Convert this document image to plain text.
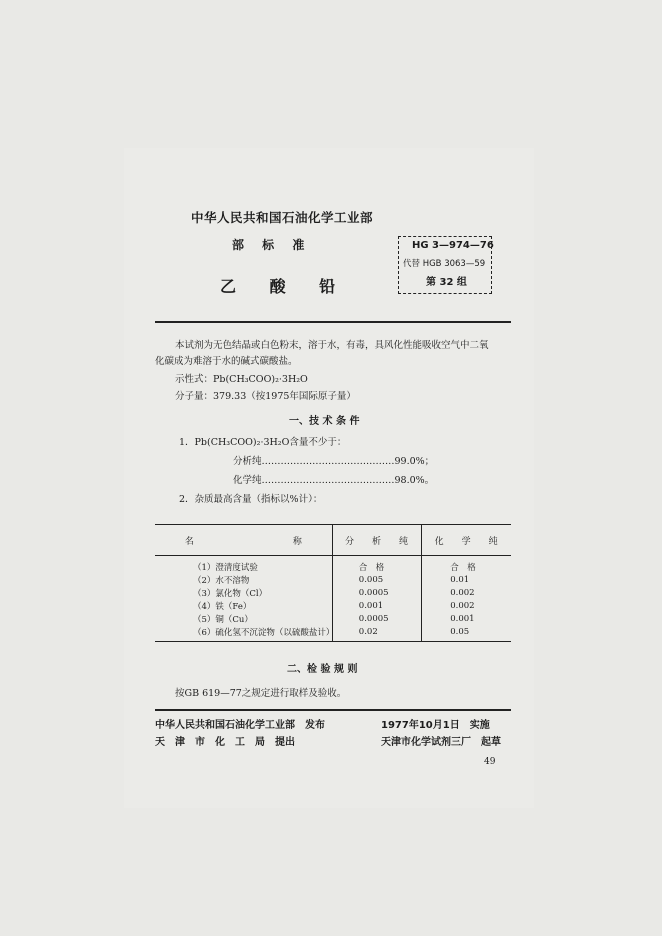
中华人民共和国石油化学工业部
部 标 准
乙 酸 铅
HG 3—974—76
代替 HGB 3063—59
第 32 组
本试剂为无色结晶或白色粉末，溶于水，有毒，具风化性能吸收空气中二氧
化碳成为难溶于水的碱式碳酸盐。
示性式：Pb(CH₃COO)₂·3H₂O
分子量：379.33（按1975年国际原子量）
一、技 术 条 件
1．Pb(CH₃COO)₂·3H₂O含量不少于：
分析纯……………………………………99.0%；
化学纯……………………………………98.0%。
2．杂质最高含量（指标以%计）：
名　　　　　　　　　　　称	分　　析　　纯	化　　学　　纯
（1）澄清度试验	合　格	合　格
（2）水不溶物	0.005	0.01
（3）氯化物（Cl）	0.0005	0.002
（4）铁（Fe）	0.001	0.002
（5）铜（Cu）	0.0005	0.001
（6）硫化氢不沉淀物（以硫酸盐计）	0.02	0.05
二、检 验 规 则
按GB 619—77之规定进行取样及验收。
中华人民共和国石油化学工业部　发布	1977年10月1日　实施
天　津　市　化　工　局　提出	天津市化学试剂三厂　起草
49
